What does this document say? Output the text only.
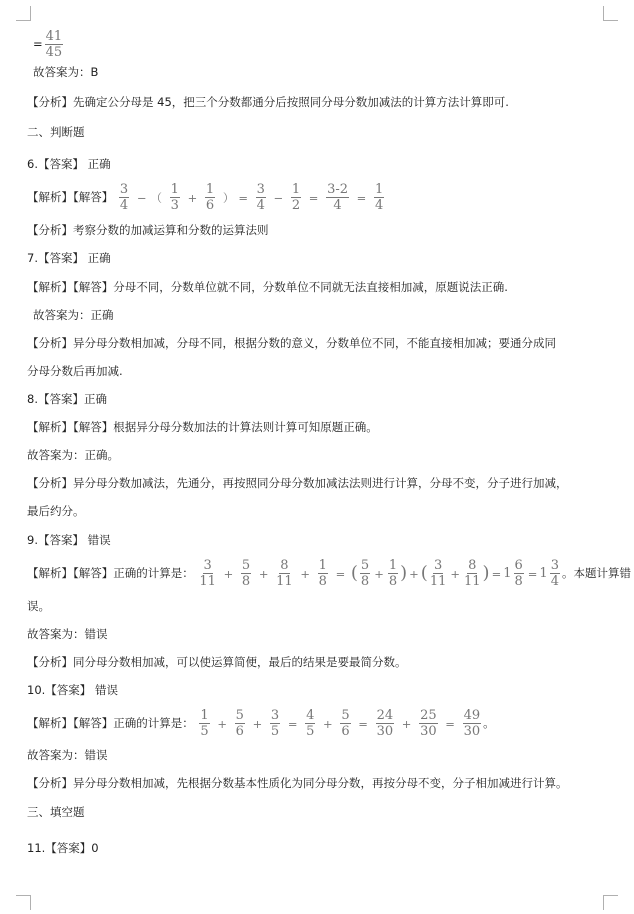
= $\frac{41}{45}$
故答案为：B
【分析】先确定公分母是 45，把三个分数都通分后按照同分母分数加减法的计算方法计算即可.
二、判断题
6.【答案】 正确
【解析】【解答】 $\frac{3}{4}$ − （ $\frac{1}{3} + \frac{1}{6}$ ） = $\frac{3}{4} - \frac{1}{2} = \frac{3-2}{4} = \frac{1}{4}$
【分析】考察分数的加减运算和分数的运算法则
7.【答案】 正确
【解析】【解答】分母不同，分数单位就不同，分数单位不同就无法直接相加减，原题说法正确.
故答案为：正确
【分析】异分母分数相加减，分母不同，根据分数的意义，分数单位不同，不能直接相加减；要通分成同
分母分数后再加减.
8.【答案】正确
【解析】【解答】根据异分母分数加法的计算法则计算可知原题正确。
故答案为：正确。
【分析】异分母分数加减法，先通分，再按照同分母分数加减法法则进行计算，分母不变，分子进行加减，
最后约分。
9.【答案】 错误
【解析】【解答】正确的计算是： $\frac{3}{11} + \frac{5}{8} + \frac{8}{11} + \frac{1}{8}$ = ( $\frac{5}{8} + \frac{1}{8}$ ) + ( $\frac{3}{11} + \frac{8}{11}$ ) = $1 \frac{6}{8} = 1 \frac{3}{4}$ 。本题计算错
误。
故答案为：错误
【分析】同分母分数相加减，可以使运算简便，最后的结果是要最简分数。
10.【答案】 错误
【解析】【解答】正确的计算是： $\frac{1}{5} + \frac{5}{6} + \frac{3}{5} = \frac{4}{5} + \frac{5}{6} = \frac{24}{30} + \frac{25}{30} = \frac{49}{30}$ 。
故答案为：错误
【分析】异分母分数相加减，先根据分数基本性质化为同分母分数，再按分母不变，分子相加减进行计算。
三、填空题
11.【答案】0
